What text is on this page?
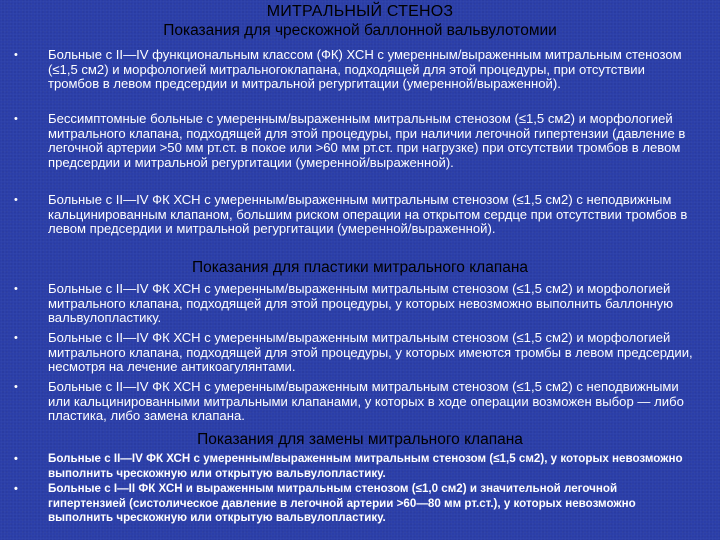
МИТРАЛЬНЫЙ СТЕНОЗ
Показания для чрескожной баллонной вальвулотомии
• Больные с II—IV функциональным классом (ФК) ХСН с умеренным/выраженным митральным стенозом (≤1,5 см2) и морфологией митральногоклапана, подходящей для этой процедуры, при отсутствии тромбов в левом предсердии и митральной регургитации (умеренной/выраженной).
• Бессимптомные больные с умеренным/выраженным митральным стенозом (≤1,5 см2) и морфологией митрального клапана, подходящей для этой процедуры, при наличии легочной гипертензии (давление в легочной артерии >50 мм рт.ст. в покое или >60 мм рт.ст. при нагрузке) при отсутствии тромбов в левом предсердии и митральной регургитации (умеренной/выраженной).
• Больные с II—IV ФК ХСН с умеренным/выраженным митральным стенозом (≤1,5 см2) с неподвижным кальцинированным клапаном, большим риском операции на открытом сердце при отсутствии тромбов в левом предсердии и митральной регургитации (умеренной/выраженной).
Показания для пластики митрального клапана
• Больные с II—IV ФК ХСН с умеренным/выраженным митральным стенозом (≤1,5 см2) и морфологией митрального клапана, подходящей для этой процедуры, у которых невозможно выполнить баллонную вальвулопластику.
• Больные с II—IV ФК ХСН с умеренным/выраженным митральным стенозом (≤1,5 см2) и морфологией митрального клапана, подходящей для этой процедуры, у которых имеются тромбы в левом предсердии, несмотря на лечение антикоагулянтами.
• Больные с II—IV ФК ХСН с умеренным/выраженным митральным стенозом (≤1,5 см2) с неподвижными или кальцинированными митральными клапанами, у которых в ходе операции возможен выбор — либо пластика, либо замена клапана.
Показания для замены митрального клапана
•	Больные с II—IV ФК ХСН с умеренным/выраженным митральным стенозом (≤1,5 см2), у которых невозможно выполнить чрескожную или открытую вальвулопластику.
•	Больные с I—II ФК ХСН и выраженным митральным стенозом (≤1,0 см2) и значительной легочной гипертензией (систолическое давление в легочной артерии >60—80 мм рт.ст.), у которых невозможно выполнить чрескожную или открытую вальвулопластику.
